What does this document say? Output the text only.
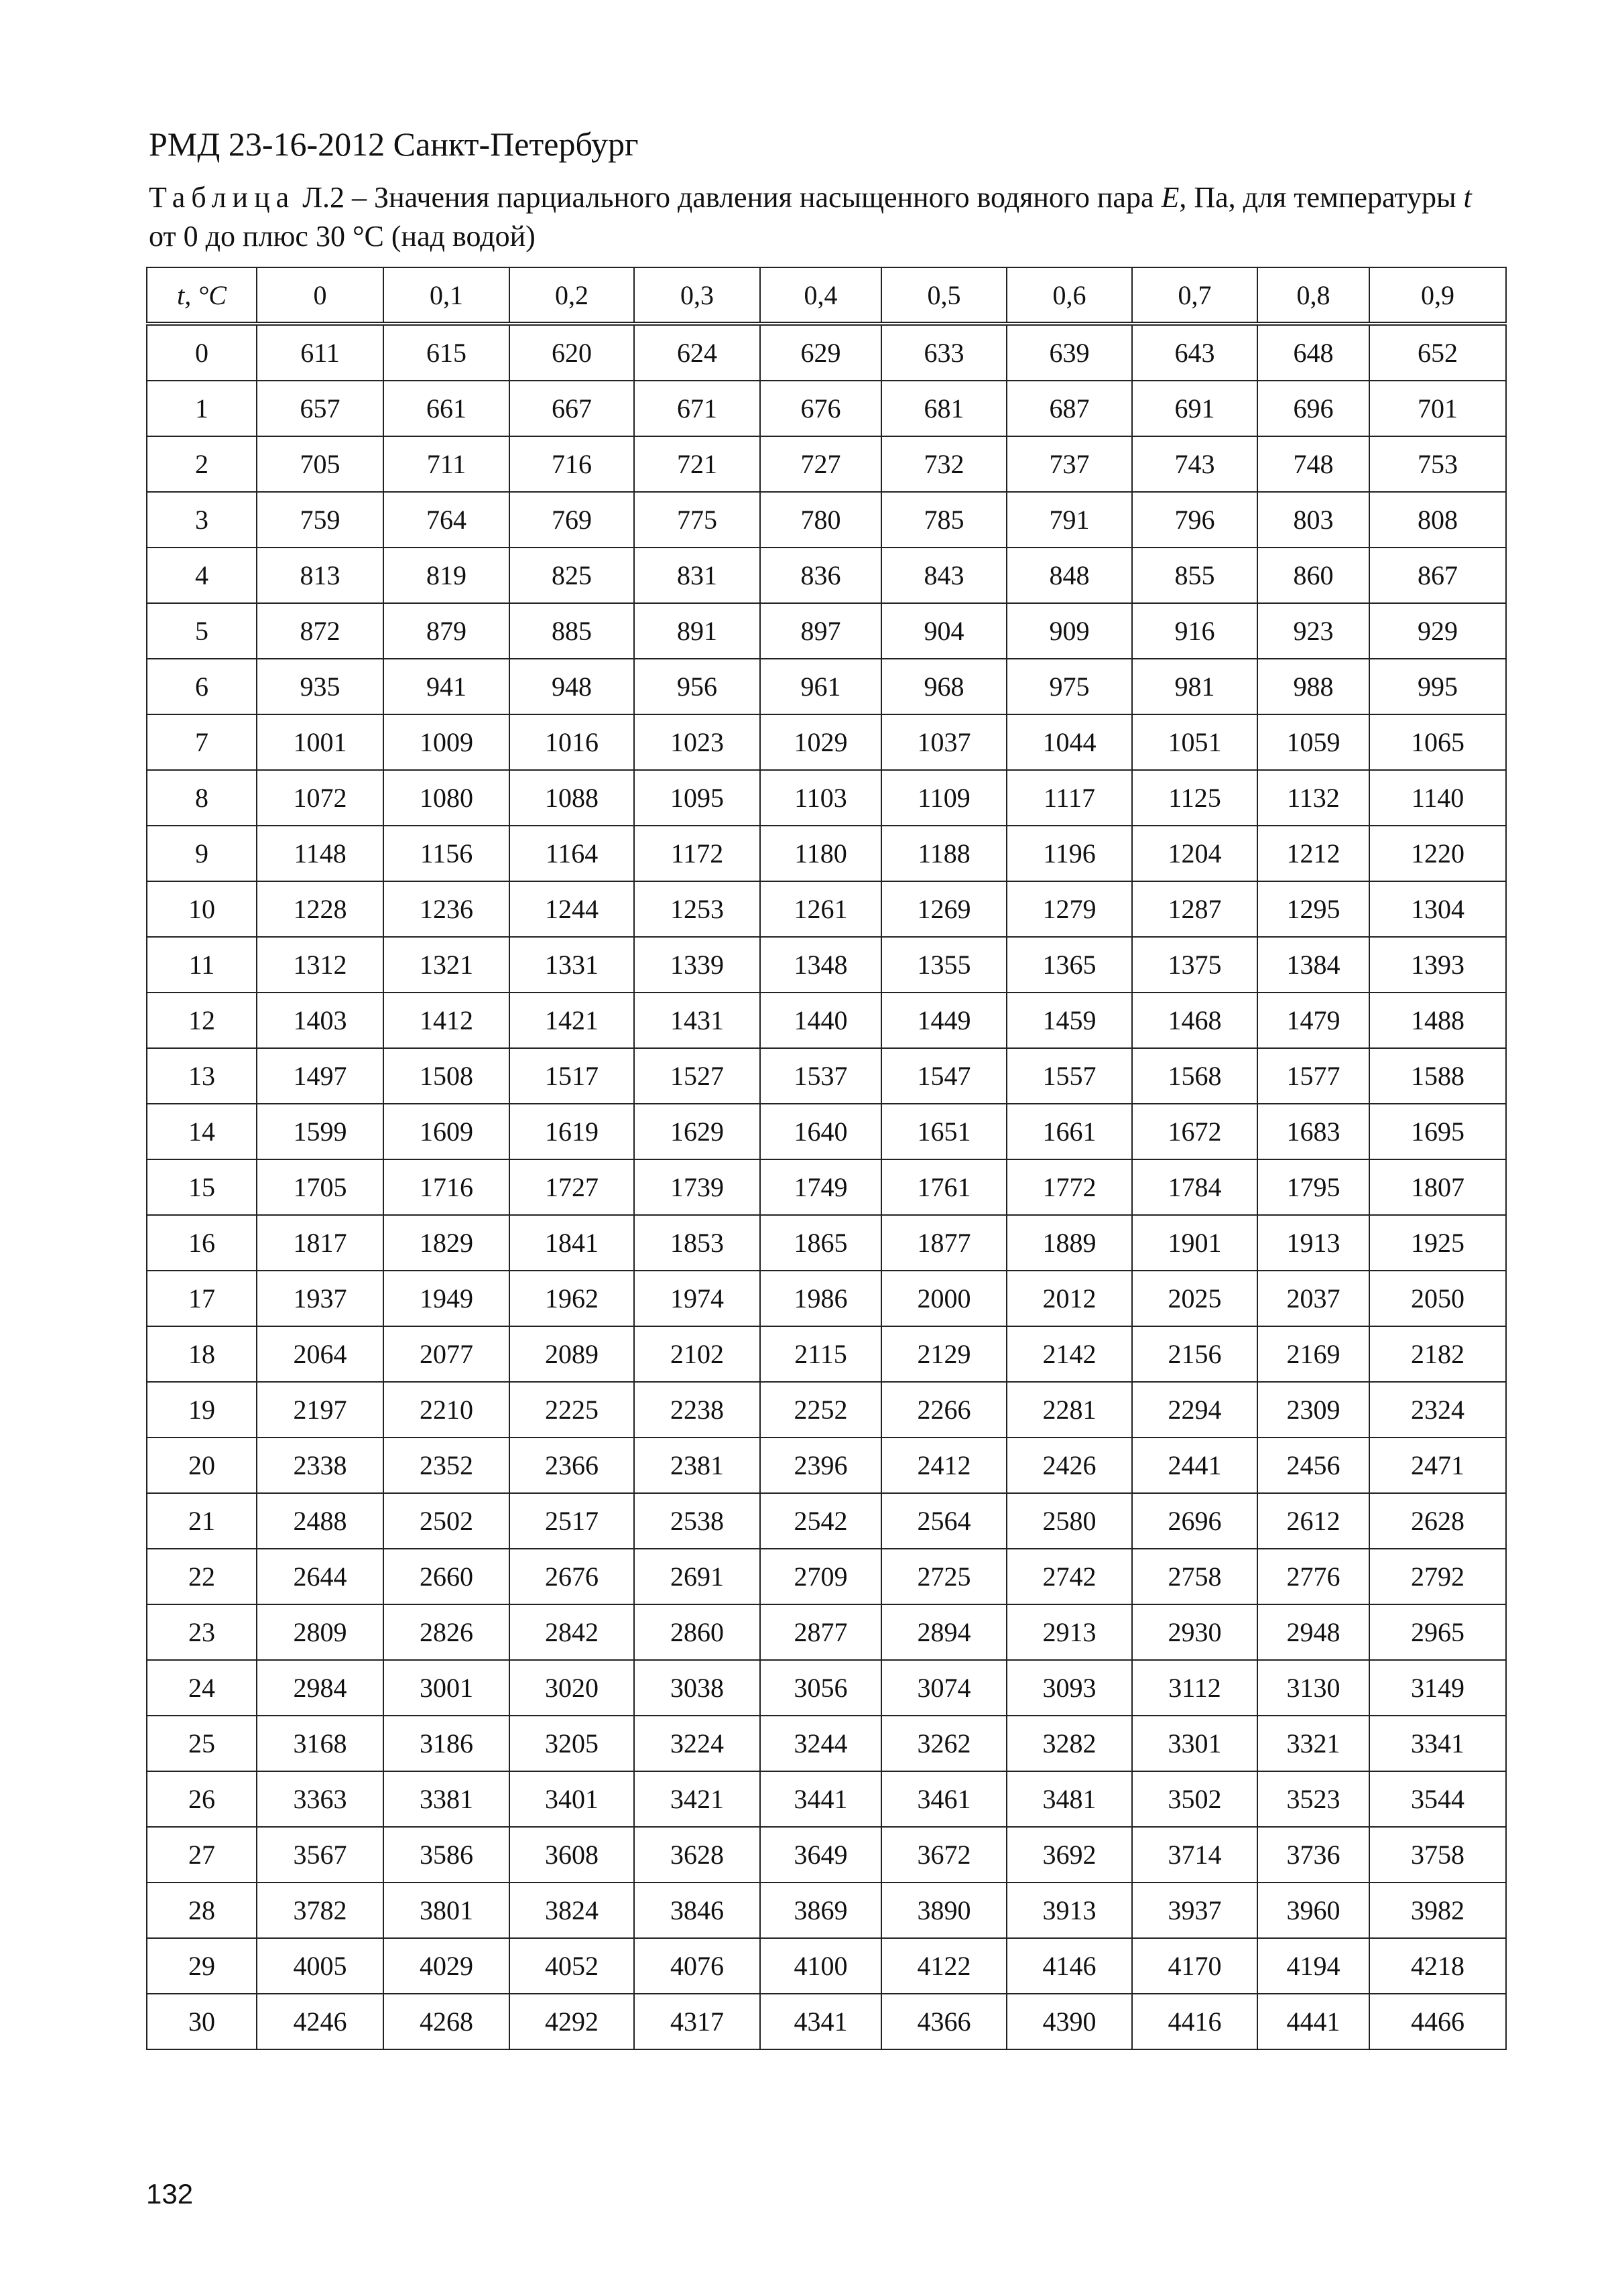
РМД 23-16-2012 Санкт-Петербург
Таблица Л.2 – Значения парциального давления насыщенного водяного пара E, Па, для температуры t от 0 до плюс 30 °С (над водой)
t, °С	0	0,1	0,2	0,3	0,4	0,5	0,6	0,7	0,8	0,9
0	611	615	620	624	629	633	639	643	648	652
1	657	661	667	671	676	681	687	691	696	701
2	705	711	716	721	727	732	737	743	748	753
3	759	764	769	775	780	785	791	796	803	808
4	813	819	825	831	836	843	848	855	860	867
5	872	879	885	891	897	904	909	916	923	929
6	935	941	948	956	961	968	975	981	988	995
7	1001	1009	1016	1023	1029	1037	1044	1051	1059	1065
8	1072	1080	1088	1095	1103	1109	1117	1125	1132	1140
9	1148	1156	1164	1172	1180	1188	1196	1204	1212	1220
10	1228	1236	1244	1253	1261	1269	1279	1287	1295	1304
11	1312	1321	1331	1339	1348	1355	1365	1375	1384	1393
12	1403	1412	1421	1431	1440	1449	1459	1468	1479	1488
13	1497	1508	1517	1527	1537	1547	1557	1568	1577	1588
14	1599	1609	1619	1629	1640	1651	1661	1672	1683	1695
15	1705	1716	1727	1739	1749	1761	1772	1784	1795	1807
16	1817	1829	1841	1853	1865	1877	1889	1901	1913	1925
17	1937	1949	1962	1974	1986	2000	2012	2025	2037	2050
18	2064	2077	2089	2102	2115	2129	2142	2156	2169	2182
19	2197	2210	2225	2238	2252	2266	2281	2294	2309	2324
20	2338	2352	2366	2381	2396	2412	2426	2441	2456	2471
21	2488	2502	2517	2538	2542	2564	2580	2696	2612	2628
22	2644	2660	2676	2691	2709	2725	2742	2758	2776	2792
23	2809	2826	2842	2860	2877	2894	2913	2930	2948	2965
24	2984	3001	3020	3038	3056	3074	3093	3112	3130	3149
25	3168	3186	3205	3224	3244	3262	3282	3301	3321	3341
26	3363	3381	3401	3421	3441	3461	3481	3502	3523	3544
27	3567	3586	3608	3628	3649	3672	3692	3714	3736	3758
28	3782	3801	3824	3846	3869	3890	3913	3937	3960	3982
29	4005	4029	4052	4076	4100	4122	4146	4170	4194	4218
30	4246	4268	4292	4317	4341	4366	4390	4416	4441	4466
132
